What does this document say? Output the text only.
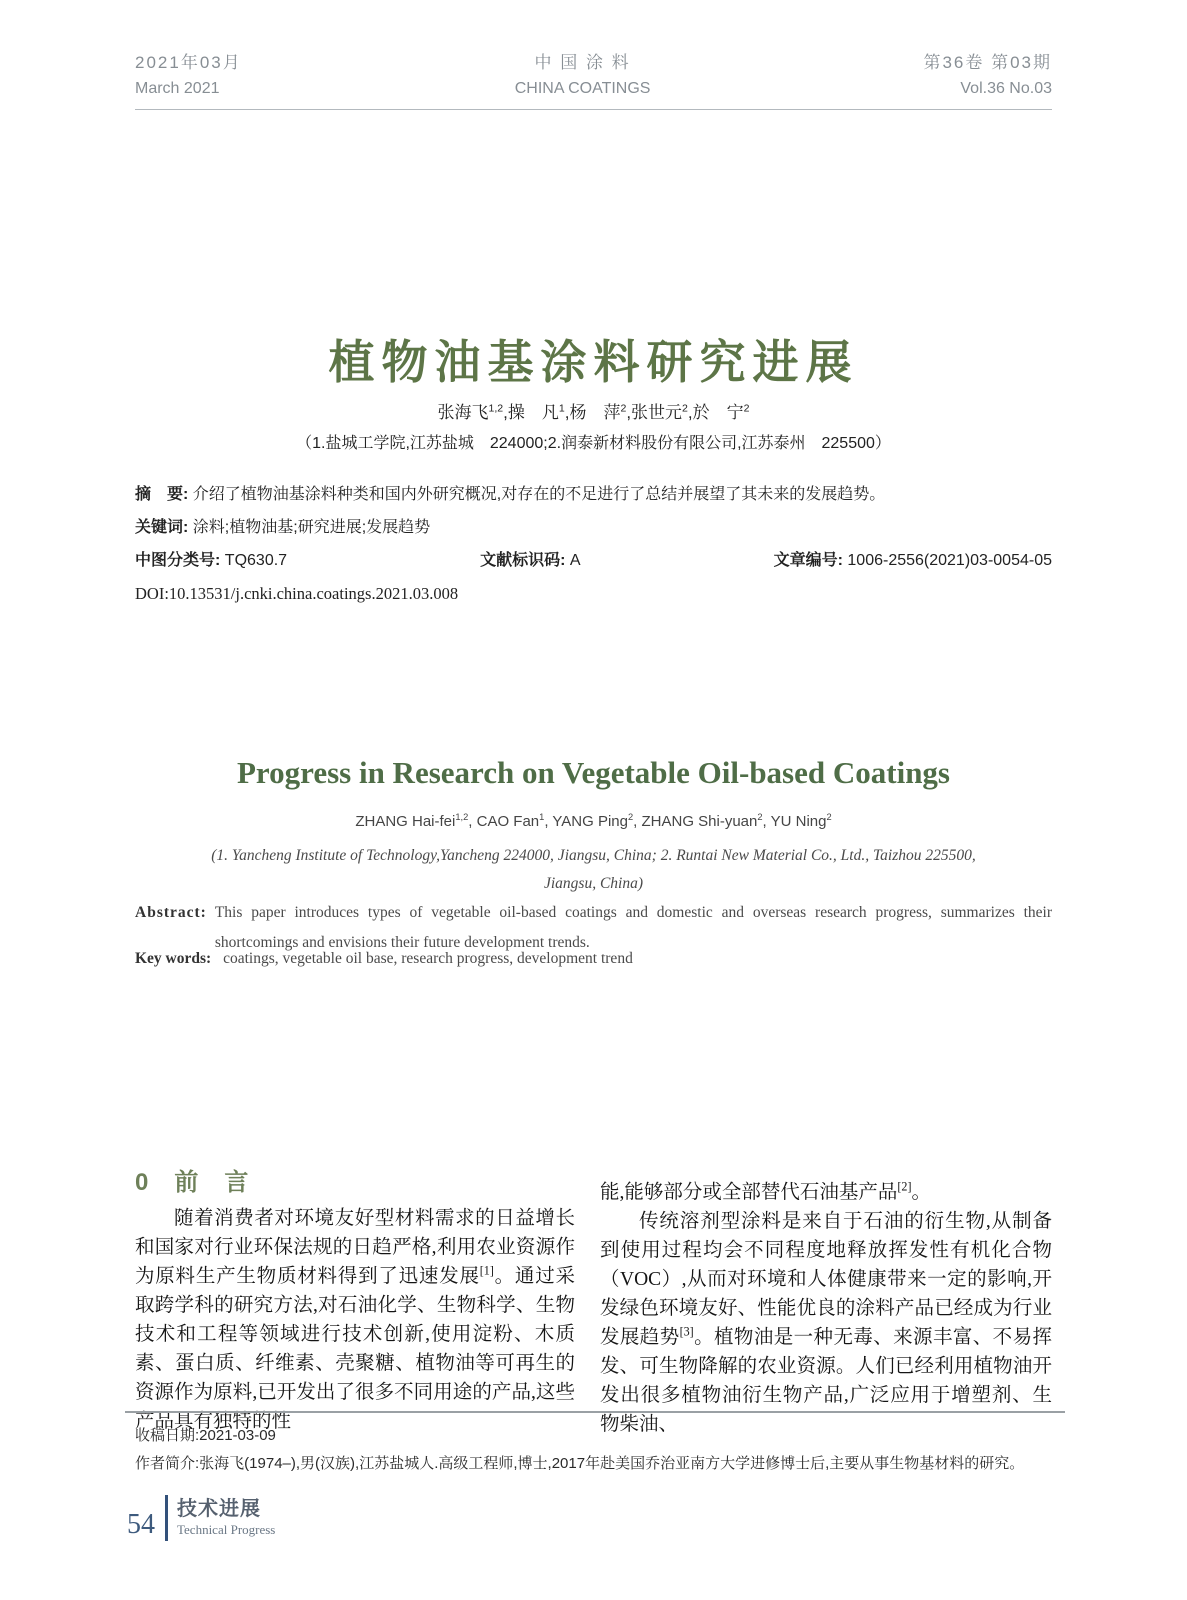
2021年03月
March 2021
中 国 涂 料
CHINA COATINGS
第36卷 第03期
Vol.36 No.03
植物油基涂料研究进展
张海飞$^{1,2}$,操　凡$^1$,杨　萍$^2$,张世元$^2$,於　宁$^2$
（1.盐城工学院,江苏盐城　224000;2.润泰新材料股份有限公司,江苏泰州　225500）
摘　要: 介绍了植物油基涂料种类和国内外研究概况,对存在的不足进行了总结并展望了其未来的发展趋势。
关键词: 涂料;植物油基;研究进展;发展趋势
中图分类号: TQ630.7	文献标识码: A	文章编号: 1006-2556(2021)03-0054-05
DOI:10.13531/j.cnki.china.coatings.2021.03.008
Progress in Research on Vegetable Oil-based Coatings
ZHANG Hai-fei$^{1,2}$, CAO Fan$^1$, YANG Ping$^2$, ZHANG Shi-yuan$^2$, YU Ning$^2$
(1. Yancheng Institute of Technology,Yancheng 224000, Jiangsu, China; 2. Runtai New Material Co., Ltd., Taizhou 225500,
Jiangsu, China)
Abstract: This paper introduces types of vegetable oil-based coatings and domestic and overseas research progress, summarizes their shortcomings and envisions their future development trends.
Key words: coatings, vegetable oil base, research progress, development trend
0　前　言

随着消费者对环境友好型材料需求的日益增长和国家对行业环保法规的日趋严格,利用农业资源作为原料生产生物质材料得到了迅速发展[1]。通过采取跨学科的研究方法,对石油化学、生物科学、生物技术和工程等领域进行技术创新,使用淀粉、木质素、蛋白质、纤维素、壳聚糖、植物油等可再生的资源作为原料,已开发出了很多不同用途的产品,这些产品具有独特的性

能,能够部分或全部替代石油基产品[2]。

传统溶剂型涂料是来自于石油的衍生物,从制备到使用过程均会不同程度地释放挥发性有机化合物（VOC）,从而对环境和人体健康带来一定的影响,开发绿色环境友好、性能优良的涂料产品已经成为行业发展趋势[3]。植物油是一种无毒、来源丰富、不易挥发、可生物降解的农业资源。人们已经利用植物油开发出很多植物油衍生物产品,广泛应用于增塑剂、生物柴油、

收稿日期:2021-03-09
作者简介:张海飞(1974–),男(汉族),江苏盐城人.高级工程师,博士,2017年赴美国乔治亚南方大学进修博士后,主要从事生物基材料的研究。
54 技术进展
Technical Progress
